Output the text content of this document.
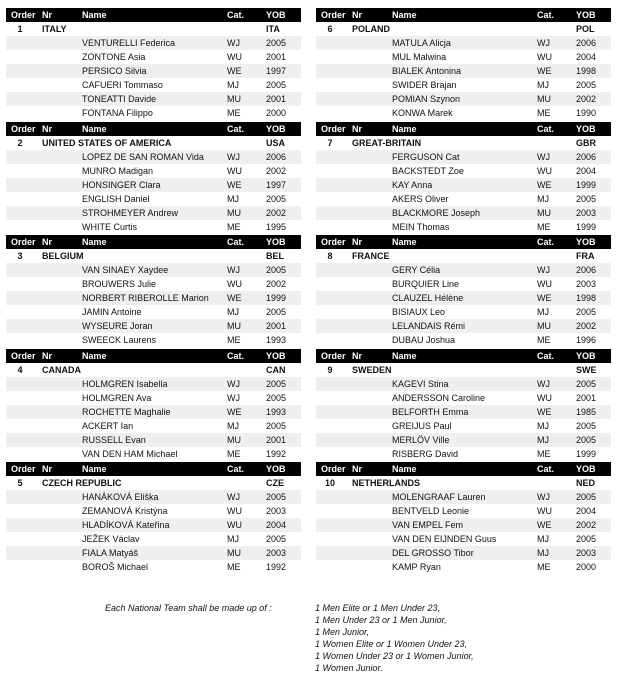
Order Nr	Name	Cat. YOB
1	ITALY	ITA
VENTURELLI Federica	WJ	2005
ZONTONE Asia	WU	2001
PERSICO Silvia	WE	1997
CAFUERI Tommaso	MJ	2005
TONEATTI Davide	MU	2001
FONTANA Filippo	ME	2000
Order Nr	Name	Cat. YOB
6	POLAND	POL
MATULA Alicja	WJ	2006
MUL Malwina	WU	2004
BIALEK Antonina	WE	1998
SWIDER Brajan	MJ	2005
POMIAN Szynon	MU	2002
KONWA Marek	ME	1990
Order Nr	Name	Cat. YOB
2	UNITED STATES OF AMERICA	USA
LOPEZ DE SAN ROMAN Vida	WJ	2006
MUNRO Madigan	WU	2002
HONSINGER Clara	WE	1997
ENGLISH Daniel	MJ	2005
STROHMEYER Andrew	MU	2002
WHITE Curtis	ME	1995
Order Nr	Name	Cat. YOB
7	GREAT-BRITAIN	GBR
FERGUSON Cat	WJ	2006
BACKSTEDT Zoe	WU	2004
KAY Anna	WE	1999
AKERS Oliver	MJ	2005
BLACKMORE Joseph	MU	2003
MEIN Thomas	ME	1999
Order Nr	Name	Cat. YOB
3	BELGIUM	BEL
VAN SINAEY Xaydee	WJ	2005
BROUWERS Julie	WU	2002
NORBERT RIBEROLLE Marion WE	1999
JAMIN Antoine	MJ	2005
WYSEURE Joran	MU	2001
SWEECK Laurens	ME	1993
Order Nr	Name	Cat. YOB
8	FRANCE	FRA
GERY Célia	WJ	2006
BURQUIER Line	WU	2003
CLAUZEL Hélène	WE	1998
BISIAUX Leo	MJ	2005
LELANDAIS Rémi	MU	2002
DUBAU Joshua	ME	1996
Order Nr	Name	Cat. YOB
4	CANADA	CAN
HOLMGREN Isabella	WJ	2005
HOLMGREN Ava	WJ	2005
ROCHETTE Maghalie	WE	1993
ACKERT Ian	MJ	2005
RUSSELL Evan	MU	2001
VAN DEN HAM Michael	ME	1992
Order Nr	Name	Cat. YOB
9	SWEDEN	SWE
KAGEVI Stina	WJ	2005
ANDERSSON Caroline	WU	2001
BELFORTH Emma	WE	1985
GREIJUS Paul	MJ	2005
MERLÖV Ville	MJ	2005
RISBERG David	ME	1999
Order Nr	Name	Cat. YOB
5	CZECH REPUBLIC	CZE
HANÁKOVÁ Eliška	WJ	2005
ZEMANOVÁ Kristýna	WU	2003
HLADÍKOVÁ Kateřina	WU	2004
JEŽEK Václav	MJ	2005
FIALA Matyáš	MU	2003
BOROŠ Michael	ME	1992
Order Nr	Name	Cat. YOB
10	NETHERLANDS	NED
MOLENGRAAF Lauren	WJ	2005
BENTVELD Leonie	WU	2004
VAN EMPEL Fem	WE	2002
VAN DEN EIJNDEN Guus	MJ	2005
DEL GROSSO Tibor	MJ	2003
KAMP Ryan	ME	2000
Each National Team shall be made up of :	1 Men Elite or 1 Men Under 23,
1 Men Under 23 or 1 Men Junior,
1 Men Junior,
1 Women Elite or 1 Women Under 23,
1 Women Under 23 or 1 Women Junior,
1 Women Junior.
